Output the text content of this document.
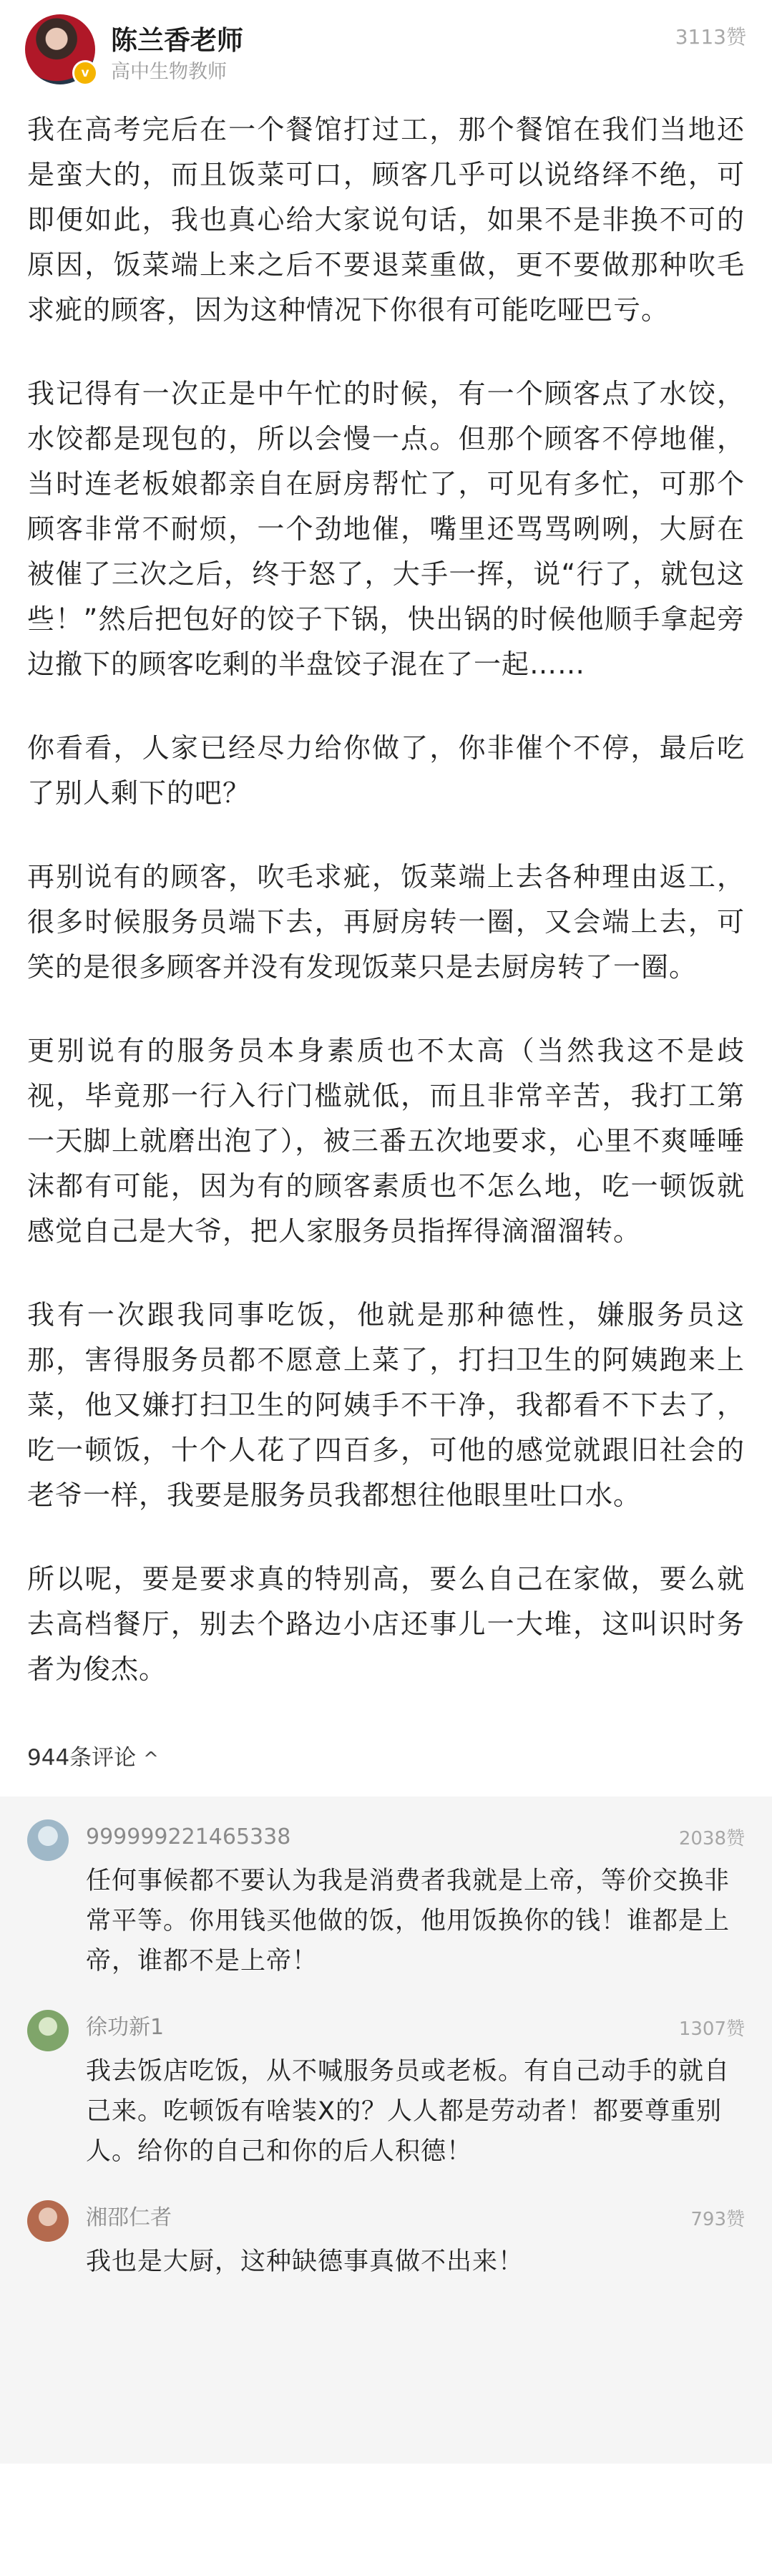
v
陈兰香老师
高中生物教师
3113赞

我在高考完后在一个餐馆打过工，那个餐馆在我们当地还是蛮大的，而且饭菜可口，顾客几乎可以说络绎不绝，可即便如此，我也真心给大家说句话，如果不是非换不可的原因，饭菜端上来之后不要退菜重做，更不要做那种吹毛求疵的顾客，因为这种情况下你很有可能吃哑巴亏。

我记得有一次正是中午忙的时候，有一个顾客点了水饺，水饺都是现包的，所以会慢一点。但那个顾客不停地催，当时连老板娘都亲自在厨房帮忙了，可见有多忙，可那个顾客非常不耐烦，一个劲地催，嘴里还骂骂咧咧，大厨在被催了三次之后，终于怒了，大手一挥，说“行了，就包这些！”然后把包好的饺子下锅，快出锅的时候他顺手拿起旁边撤下的顾客吃剩的半盘饺子混在了一起……

你看看，人家已经尽力给你做了，你非催个不停，最后吃了别人剩下的吧？

再别说有的顾客，吹毛求疵，饭菜端上去各种理由返工，很多时候服务员端下去，再厨房转一圈，又会端上去，可笑的是很多顾客并没有发现饭菜只是去厨房转了一圈。

更别说有的服务员本身素质也不太高（当然我这不是歧视，毕竟那一行入行门槛就低，而且非常辛苦，我打工第一天脚上就磨出泡了），被三番五次地要求，心里不爽唾唾沫都有可能，因为有的顾客素质也不怎么地，吃一顿饭就感觉自己是大爷，把人家服务员指挥得滴溜溜转。

我有一次跟我同事吃饭，他就是那种德性，嫌服务员这那，害得服务员都不愿意上菜了，打扫卫生的阿姨跑来上菜，他又嫌打扫卫生的阿姨手不干净，我都看不下去了，吃一顿饭，十个人花了四百多，可他的感觉就跟旧社会的老爷一样，我要是服务员我都想往他眼里吐口水。

所以呢，要是要求真的特别高，要么自己在家做，要么就去高档餐厅，别去个路边小店还事儿一大堆，这叫识时务者为俊杰。

944条评论 ^
999999221465338	2038赞
任何事候都不要认为我是消费者我就是上帝，等价交换非常平等。你用钱买他做的饭，他用饭换你的钱！谁都是上帝，谁都不是上帝！
徐功新1	1307赞
我去饭店吃饭，从不喊服务员或老板。有自己动手的就自己来。吃顿饭有啥装X的？人人都是劳动者！都要尊重别人。给你的自己和你的后人积德！
湘邵仁者	793赞
我也是大厨，这种缺德事真做不出来！
